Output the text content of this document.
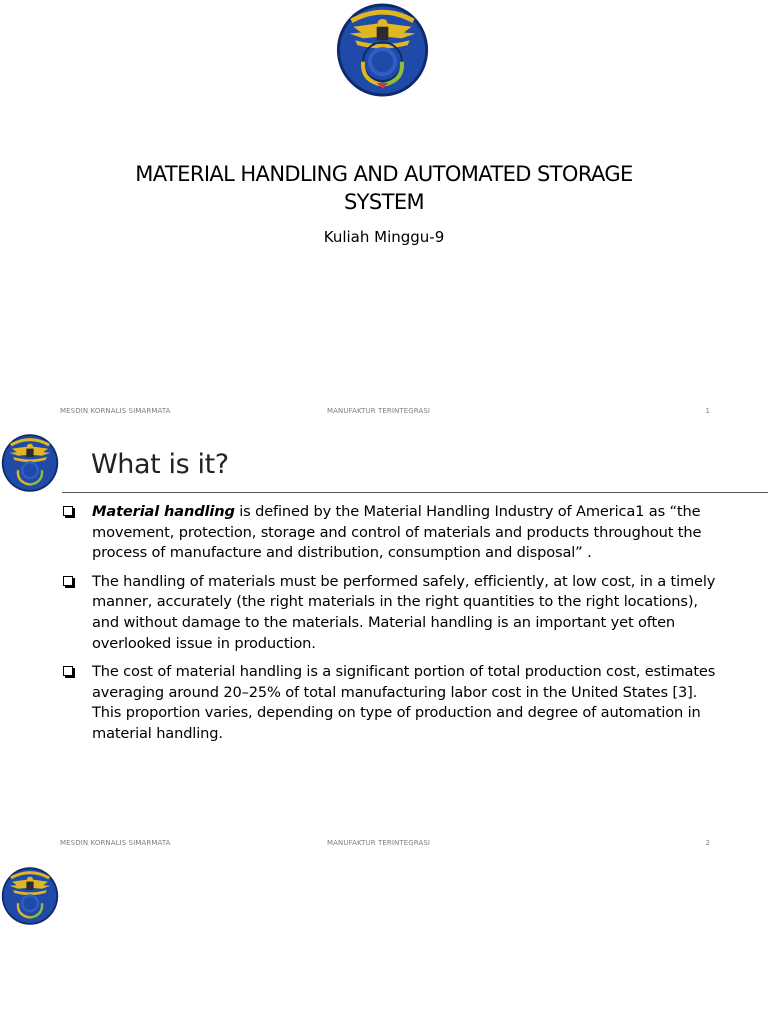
MATERIAL HANDLING AND AUTOMATED STORAGE
SYSTEM
Kuliah Minggu-9
MESDIN KORNALIS SIMARMATA	MANUFAKTUR TERINTEGRASI	1
What is it?
Material handling is defined by the Material Handling Industry of America1 as “the movement, protection, storage and control of materials and products throughout the process of manufacture and distribution, consumption and disposal” .
The handling of materials must be performed safely, efficiently, at low cost, in a timely manner, accurately (the right materials in the right quantities to the right locations), and without damage to the materials. Material handling is an important yet often overlooked issue in production.
The cost of material handling is a significant portion of total production cost, estimates averaging around 20–25% of total manufacturing labor cost in the United States [3]. This proportion varies, depending on type of production and degree of automation in material handling.
MESDIN KORNALIS SIMARMATA	MANUFAKTUR TERINTEGRASI	2
